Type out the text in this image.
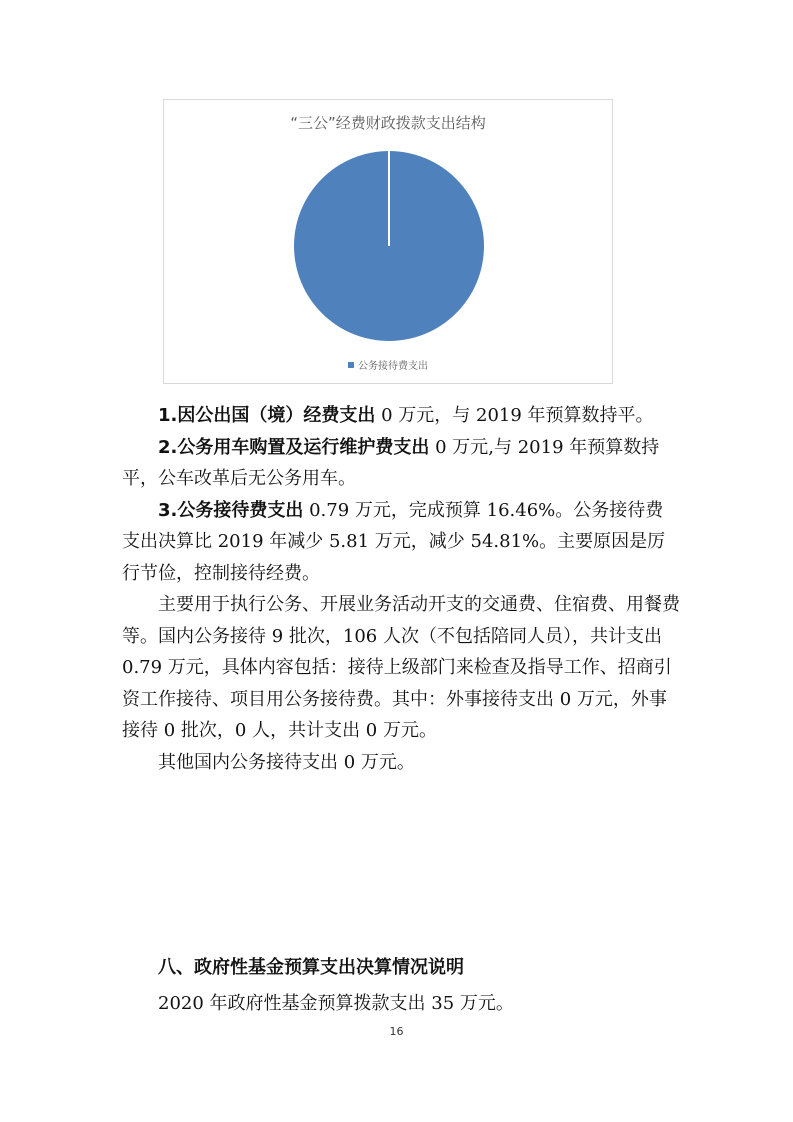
“三公”经费财政拨款支出结构
公务接待费支出

1.因公出国（境）经费支出 0 万元，与 2019 年预算数持平。

2.公务用车购置及运行维护费支出 0 万元,与 2019 年预算数持平，公车改革后无公务用车。

3.公务接待费支出 0.79 万元，完成预算 16.46%。公务接待费支出决算比 2019 年减少 5.81 万元，减少 54.81%。主要原因是厉行节俭，控制接待经费。

主要用于执行公务、开展业务活动开支的交通费、住宿费、用餐费等。国内公务接待 9 批次，106 人次（不包括陪同人员），共计支出 0.79 万元，具体内容包括：接待上级部门来检查及指导工作、招商引资工作接待、项目用公务接待费。其中：外事接待支出 0 万元，外事接待 0 批次，0 人，共计支出 0 万元。

其他国内公务接待支出 0 万元。

八、政府性基金预算支出决算情况说明

2020 年政府性基金预算拨款支出 35 万元。

16
